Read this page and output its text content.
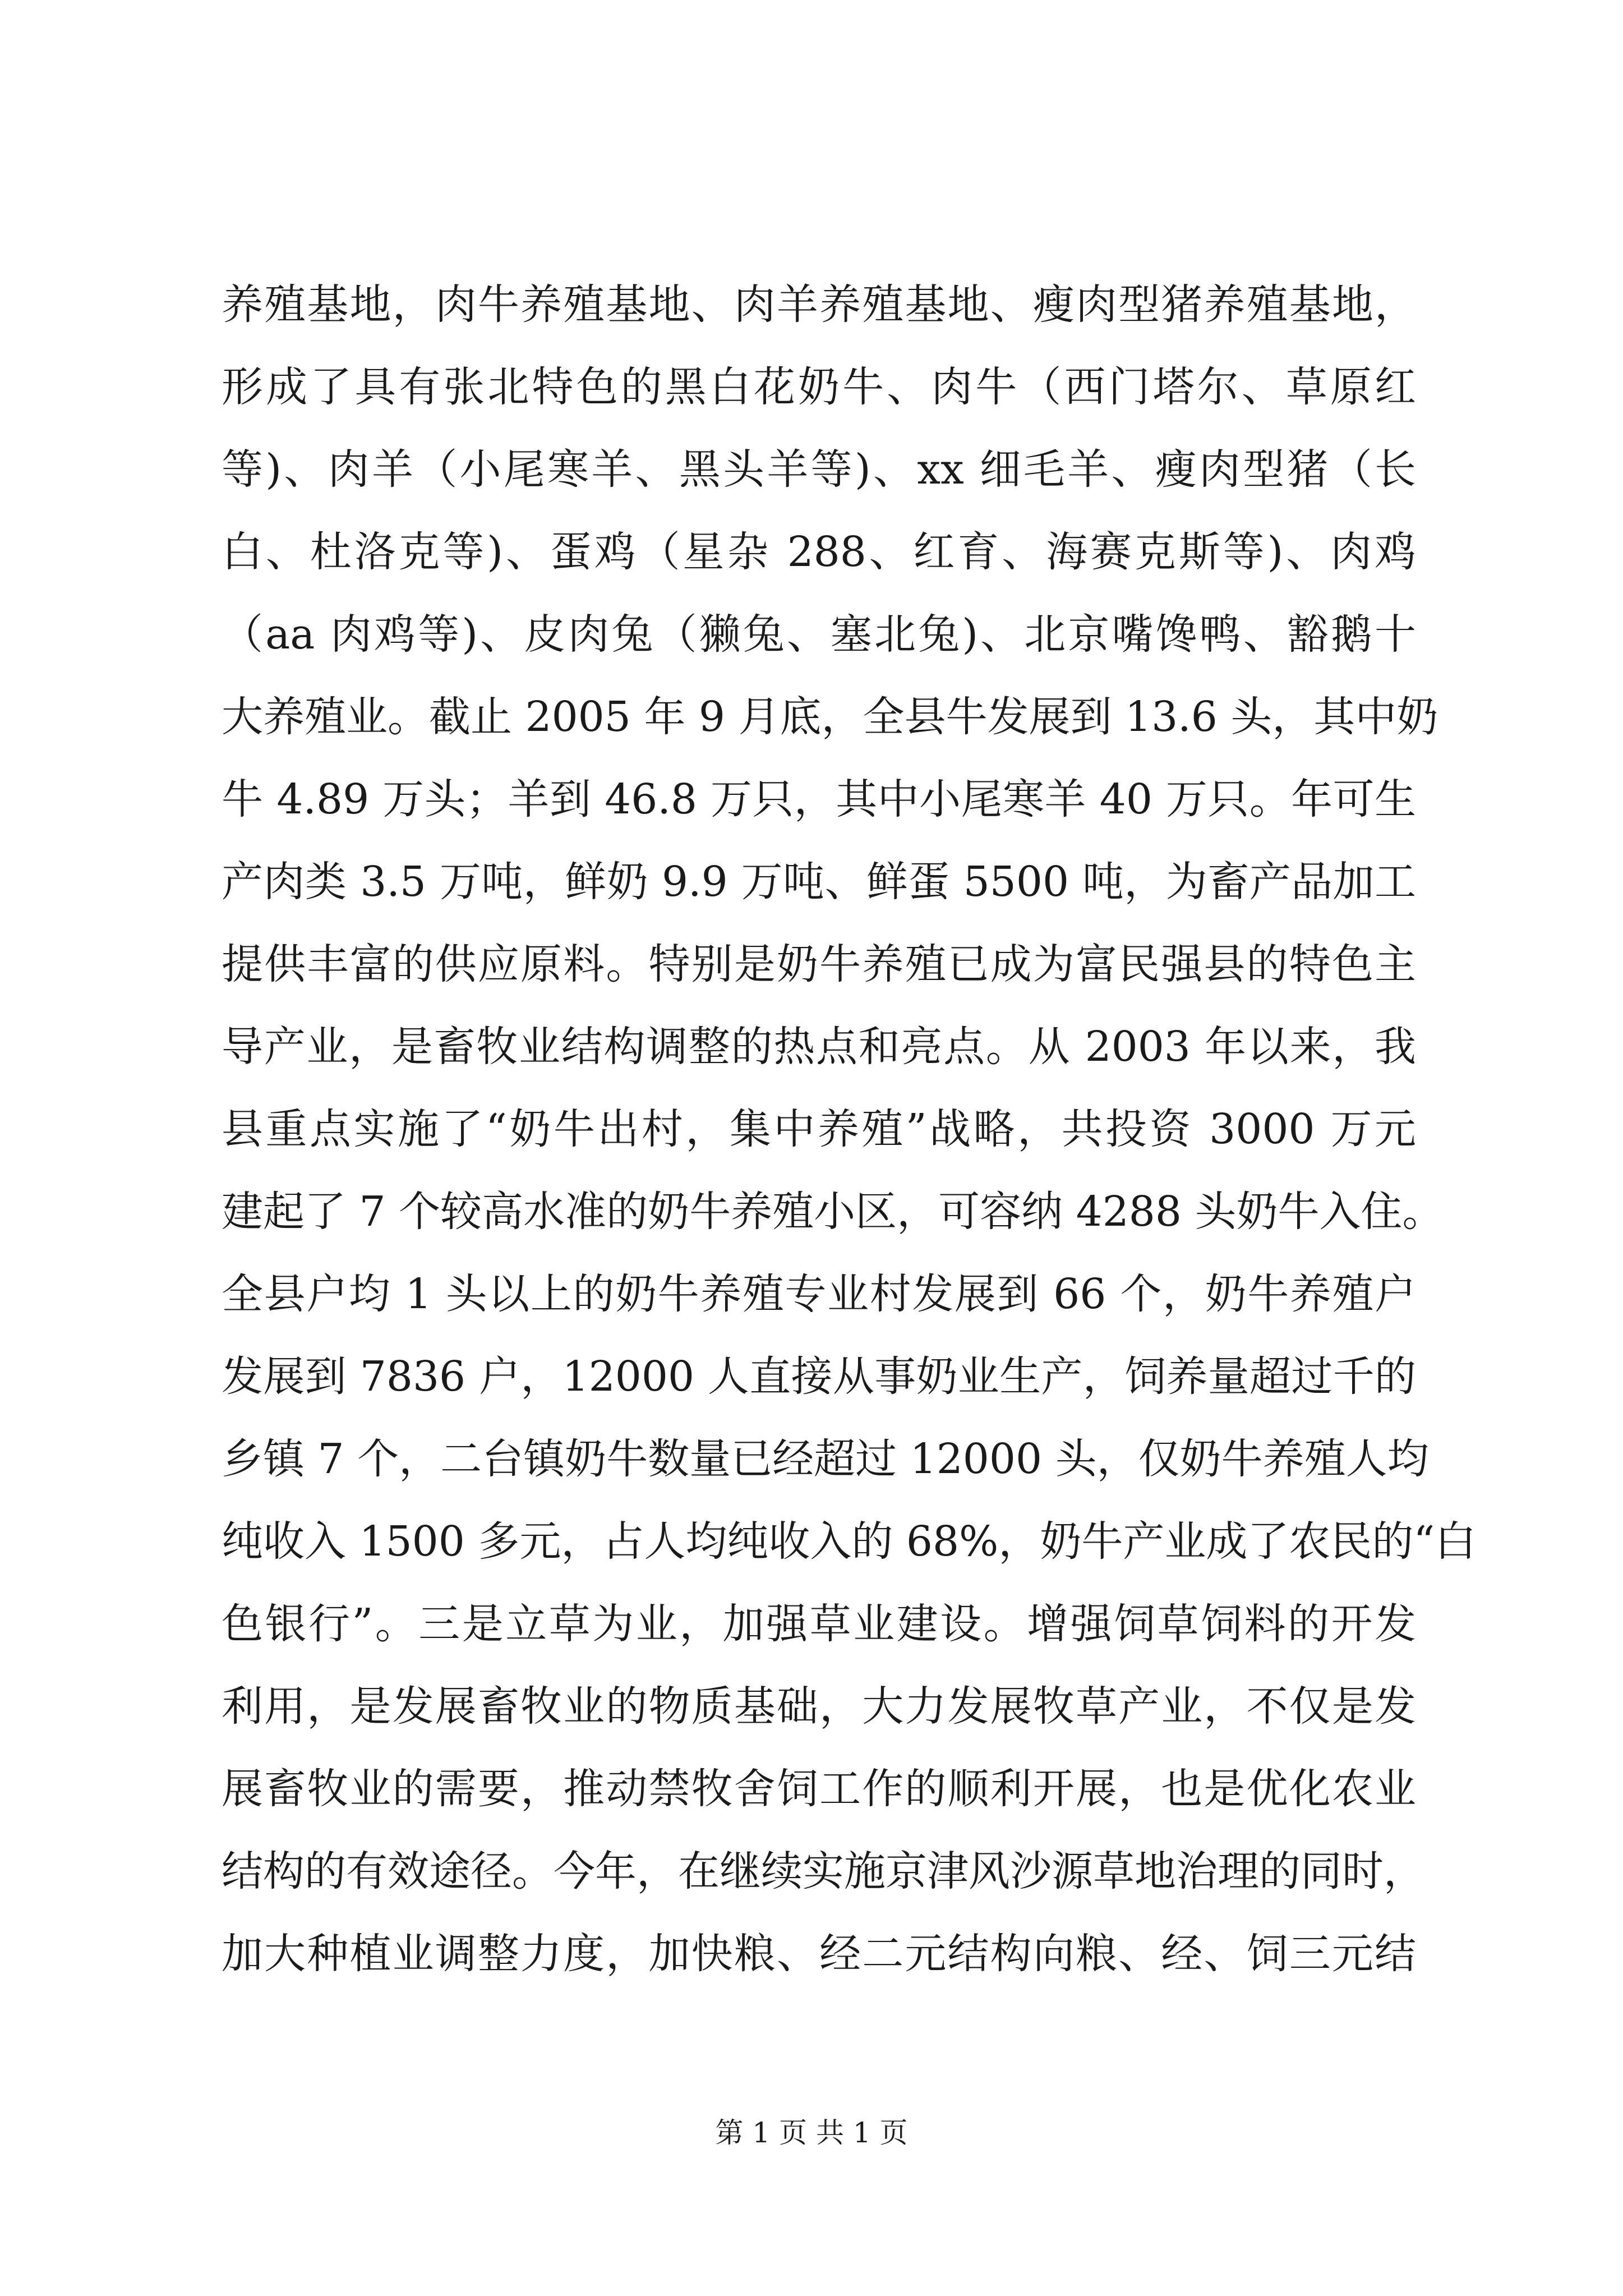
养殖基地，肉牛养殖基地、肉羊养殖基地、瘦肉型猪养殖基地，
形成了具有张北特色的黑白花奶牛、肉牛（西门塔尔、草原红
等)、肉羊（小尾寒羊、黑头羊等)、xx 细毛羊、瘦肉型猪（长
白、杜洛克等)、蛋鸡（星杂 288、红育、海赛克斯等)、肉鸡
（aa 肉鸡等)、皮肉兔（獭兔、塞北兔)、北京嘴馋鸭、豁鹅十
大养殖业。截止 2005 年 9 月底，全县牛发展到 13.6 头，其中奶
牛 4.89 万头；羊到 46.8 万只，其中小尾寒羊 40 万只。年可生
产肉类 3.5 万吨，鲜奶 9.9 万吨、鲜蛋 5500 吨，为畜产品加工
提供丰富的供应原料。特别是奶牛养殖已成为富民强县的特色主
导产业，是畜牧业结构调整的热点和亮点。从 2003 年以来，我
县重点实施了“奶牛出村，集中养殖”战略，共投资 3000 万元
建起了 7 个较高水准的奶牛养殖小区，可容纳 4288 头奶牛入住。
全县户均 1 头以上的奶牛养殖专业村发展到 66 个，奶牛养殖户
发展到 7836 户，12000 人直接从事奶业生产，饲养量超过千的
乡镇 7 个，二台镇奶牛数量已经超过 12000 头，仅奶牛养殖人均
纯收入 1500 多元，占人均纯收入的 68%，奶牛产业成了农民的“白
色银行”。三是立草为业，加强草业建设。增强饲草饲料的开发
利用，是发展畜牧业的物质基础，大力发展牧草产业，不仅是发
展畜牧业的需要，推动禁牧舍饲工作的顺利开展，也是优化农业
结构的有效途径。今年，在继续实施京津风沙源草地治理的同时，
加大种植业调整力度，加快粮、经二元结构向粮、经、饲三元结
第 1 页 共 1 页
